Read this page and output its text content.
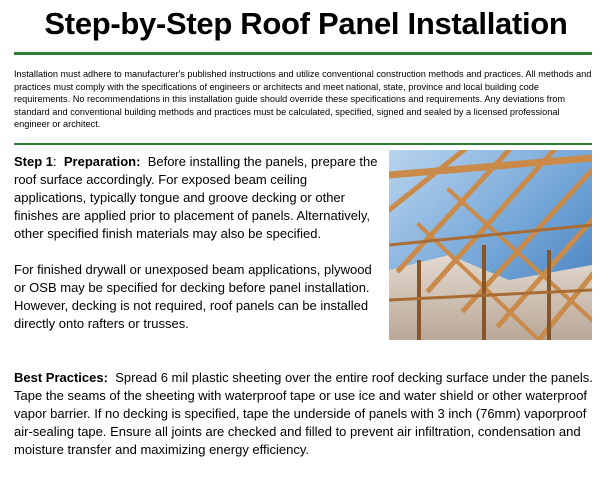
Step-by-Step Roof Panel Installation
Installation must adhere to manufacturer's published instructions and utilize conventional construction methods and practices. All methods and practices must comply with the specifications of engineers or architects and meet national, state, province and local building code requirements. No recommendations in this installation guide should override these specifications and requirements. Any deviations from standard and conventional building methods and practices must be calculated, specified, signed and sealed by a licensed professional engineer or architect.

Step 1: Preparation: Before installing the panels, prepare the roof surface accordingly. For exposed beam ceiling applications, typically tongue and groove decking or other finishes are applied prior to placement of panels. Alternatively, other specified finish materials may also be specified.

For finished drywall or unexposed beam applications, plywood or OSB may be specified for decking before panel installation. However, decking is not required, roof panels can be installed directly onto rafters or trusses.

Best Practices: Spread 6 mil plastic sheeting over the entire roof decking surface under the panels. Tape the seams of the sheeting with waterproof tape or use ice and water shield or other waterproof vapor barrier. If no decking is specified, tape the underside of panels with 3 inch (76mm) vaporproof air-sealing tape. Ensure all joints are checked and filled to prevent air infiltration, condensation and moisture transfer and maximizing energy efficiency.
